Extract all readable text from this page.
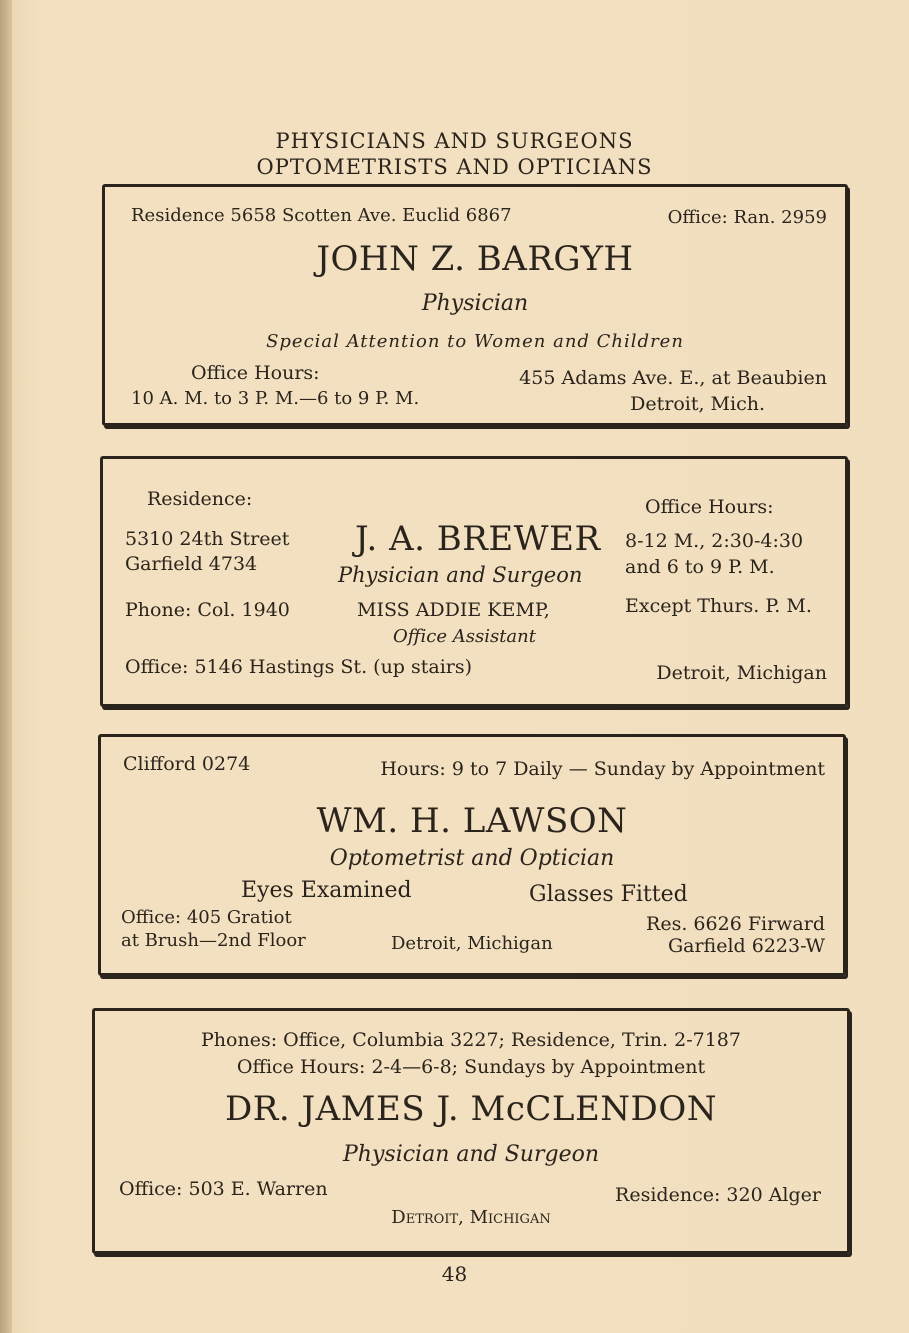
PHYSICIANS AND SURGEONS
OPTOMETRISTS AND OPTICIANS
Residence 5658 Scotten Ave. Euclid 6867	Office: Ran. 2959
JOHN Z. BARGYH
Physician
Special Attention to Women and Children
Office Hours:
10 A. M. to 3 P. M.—6 to 9 P. M.
455 Adams Ave. E., at Beaubien
Detroit, Mich.
Residence:
5310 24th Street
Garfield 4734
Phone: Col. 1940
J. A. BREWER
Physician and Surgeon
MISS ADDIE KEMP,
Office Assistant
Office Hours:
8-12 M., 2:30-4:30
and 6 to 9 P. M.
Except Thurs. P. M.
Office: 5146 Hastings St. (up stairs)	Detroit, Michigan
Clifford 0274	Hours: 9 to 7 Daily — Sunday by Appointment
WM. H. LAWSON
Optometrist and Optician
Eyes Examined	Glasses Fitted
Office: 405 Gratiot
at Brush—2nd Floor	Detroit, Michigan
Res. 6626 Firward
Garfield 6223-W
Phones: Office, Columbia 3227; Residence, Trin. 2-7187
Office Hours: 2-4—6-8; Sundays by Appointment
DR. JAMES J. McCLENDON
Physician and Surgeon
Office: 503 E. Warren	Residence: 320 Alger
Detroit, Michigan
48
